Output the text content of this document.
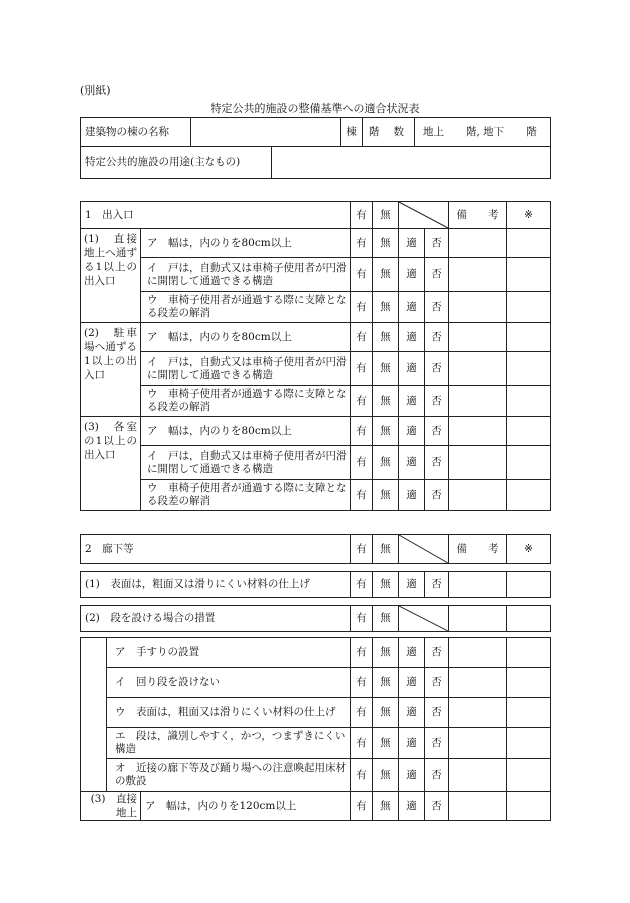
(別紙)
特定公共的施設の整備基準への適合状況表
建築物の棟の名称		棟	階 数	地上 階, 地下 階
特定公共的施設の用途(主なもの)				
1　出入口		有	無			備　　考	※
(1)　直接地上へ通ずる1以上の出入口	ア　幅は，内のりを80cm以上	有	無	適	否		
	イ　戸は，自動式又は車椅子使用者が円滑に開閉して通過できる構造	有	無	適	否		
	ウ　車椅子使用者が通過する際に支障となる段差の解消	有	無	適	否		
(2)　駐車場へ通ずる1以上の出入口	ア　幅は，内のりを80cm以上	有	無	適	否		
	イ　戸は，自動式又は車椅子使用者が円滑に開閉して通過できる構造	有	無	適	否		
	ウ　車椅子使用者が通過する際に支障となる段差の解消	有	無	適	否		
(3)　各室の1以上の出入口	ア　幅は，内のりを80cm以上	有	無	適	否		
	イ　戸は，自動式又は車椅子使用者が円滑に開閉して通過できる構造	有	無	適	否		
	ウ　車椅子使用者が通過する際に支障となる段差の解消	有	無	適	否		
2　廊下等			有	無			備　　考	※

(1)　表面は，粗面又は滑りにくい材料の仕上げ			有	無	適	否		

(2)　段を設ける場合の措置			有	無	

	ア　手すりの設置		有	無	適	否		
	イ　回り段を設けない		有	無	適	否		
	ウ　表面は，粗面又は滑りにくい材料の仕上げ		有	無	適	否		
	エ　段は，識別しやすく，かつ，つまずきにくい構造		有	無	適	否		
	オ　近接の廊下等及び踊り場への注意喚起用床材の敷設		有	無	適	否		
(3)　直接地上		ア　幅は，内のりを120cm以上	有	無	適	否		
